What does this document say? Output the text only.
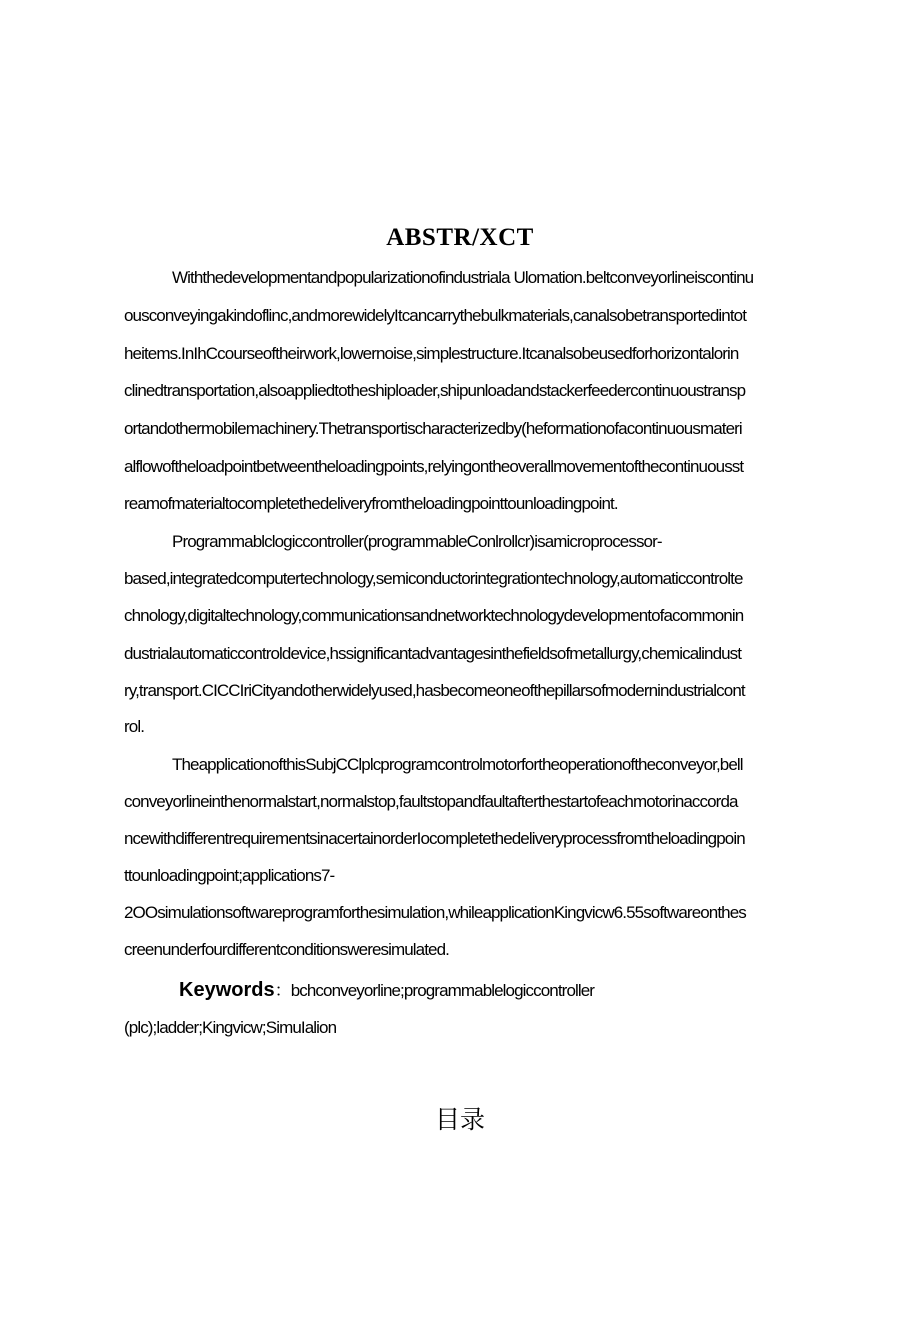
ABSTR/XCT
Withthedevelopmentandpopularizationofindustriala Ulomation.beltconveyorlineiscontinu
ousconveyingakindoflinc,andmorewidelyItcancarrythebulkmaterials,canalsobetransportedintot
heitems.InIhCcourseoftheirwork,lowernoise,simplestructure.Itcanalsobeusedforhorizontalorin
clinedtransportation,alsoappliedtotheshiploader,shipunloadandstackerfeedercontinuoustransp
ortandothermobilemachinery.Thetransportischaracterizedby(heformationofacontinuousmateri
alflowoftheloadpointbetweentheloadingpoints,relyingontheoverallmovementofthecontinuousst
reamofmaterialtocompletethedeliveryfromtheloadingpointtounloadingpoint.
Programmablclogiccontroller(programmableConlrollcr)isamicroprocessor-
based,integratedcomputertechnology,semiconductorintegrationtechnology,automaticcontrolte
chnology,digitaltechnology,communicationsandnetworktechnologydevelopmentofacommonin
dustrialautomaticcontroldevice,hssignificantadvantagesinthefieldsofmetallurgy,chemicalindust
ry,transport.CICCIriCityandotherwidelyused,hasbecomeoneofthepillarsofmodernindustrialcont
rol.
TheapplicationofthisSubjCClplcprogramcontrolmotorfortheoperationoftheconveyor,bell
conveyorlineinthenormalstart,normalstop,faultstopandfaultafterthestartofeachmotorinaccorda
ncewithdifferentrequirementsinacertainorderIocompletethedeliveryprocessfromtheloadingpoin
ttounloadingpoint;applications7-
2OOsimulationsoftwareprogramforthesimulation,whileapplicationKingvicw6.55softwareonthes
creenunderfourdifferentconditionsweresimulated.
Keywords：bchconveyorline;programmablelogiccontroller
(plc);ladder;Kingvicw;SimuIalion
目录
